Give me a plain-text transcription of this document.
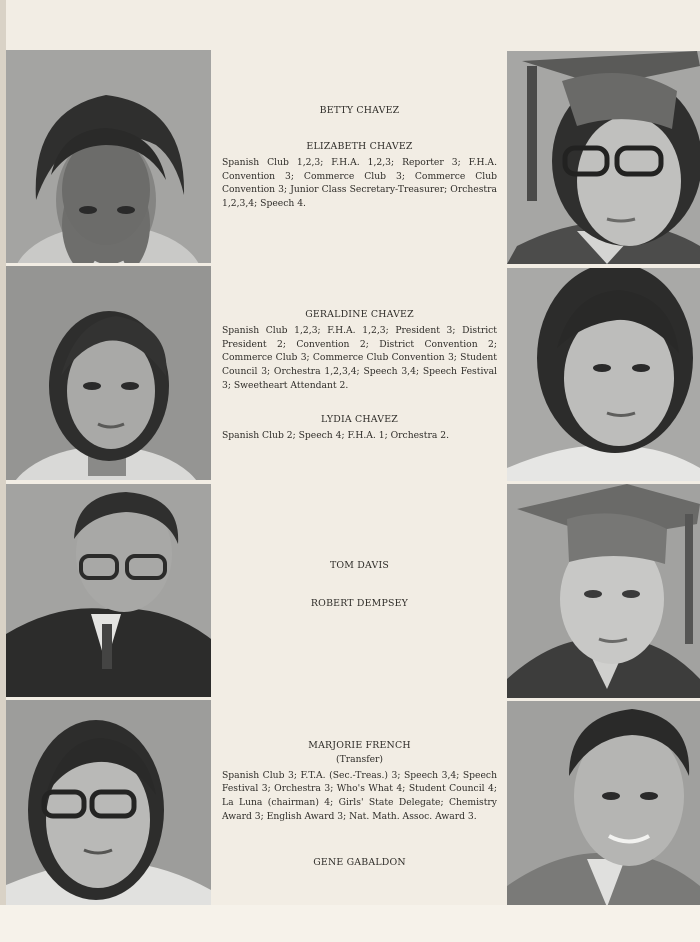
BETTY CHAVEZ
ELIZABETH CHAVEZ
Spanish Club 1,2,3; F.H.A. 1,2,3; Reporter 3; F.H.A. Convention 3; Commerce Club 3; Commerce Club Convention 3; Junior Class Secretary-Treasurer; Orchestra 1,2,3,4; Speech 4.
GERALDINE CHAVEZ
Spanish Club 1,2,3; F.H.A. 1,2,3; President 3; District President 2; Convention 2; District Convention 2; Commerce Club 3; Commerce Club Convention 3; Student Council 3; Orchestra 1,2,3,4; Speech 3,4; Speech Festival 3; Sweetheart Attendant 2.
LYDIA CHAVEZ
Spanish Club 2; Speech 4; F.H.A. 1; Orchestra 2.
TOM DAVIS
ROBERT DEMPSEY
MARJORIE FRENCH
(Transfer)
Spanish Club 3; F.T.A. (Sec.-Treas.) 3; Speech 3,4; Speech Festival 3; Orchestra 3; Who's What 4; Student Council 4; La Luna (chairman) 4; Girls' State Delegate; Chemistry Award 3; English Award 3; Nat. Math. Assoc. Award 3.
GENE GABALDON
